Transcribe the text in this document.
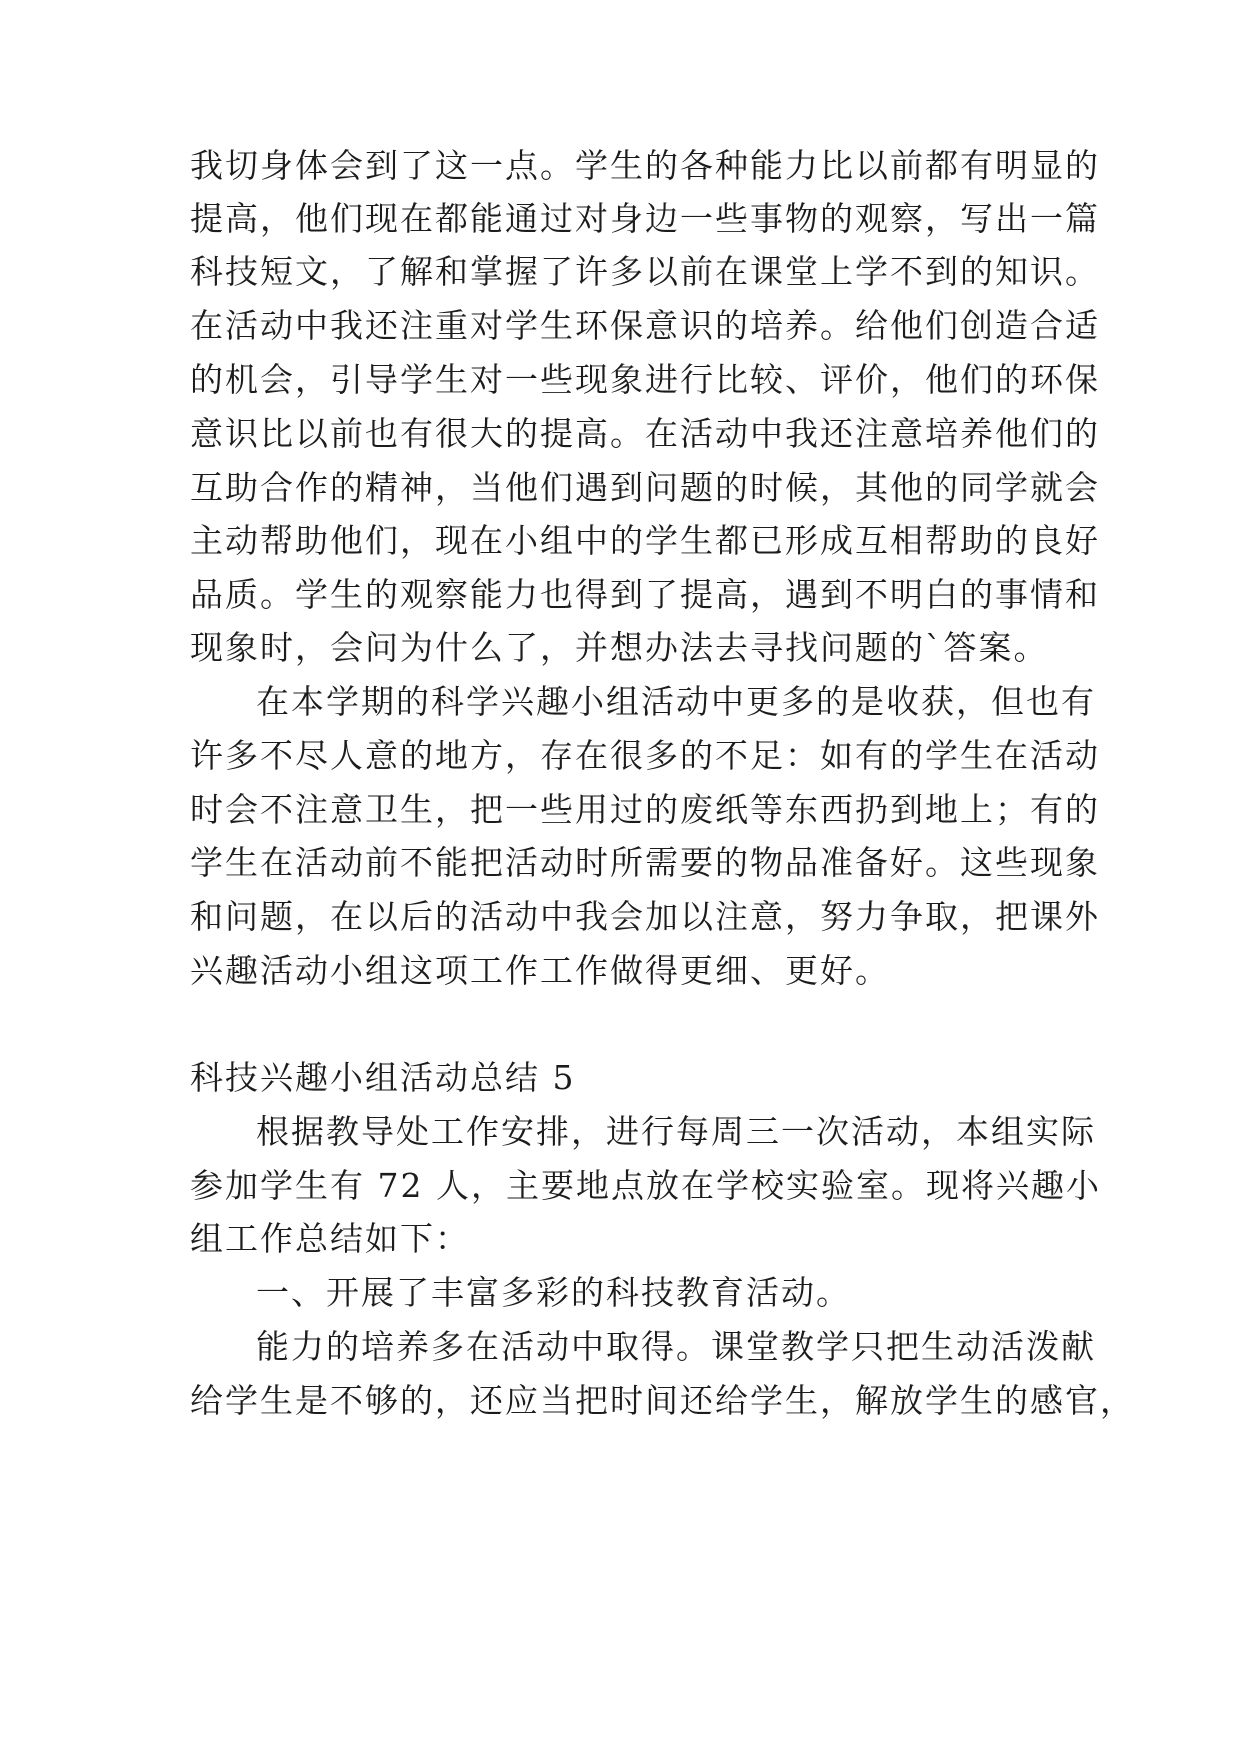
我切身体会到了这一点。学生的各种能力比以前都有明显的
提高，他们现在都能通过对身边一些事物的观察，写出一篇
科技短文，了解和掌握了许多以前在课堂上学不到的知识。
在活动中我还注重对学生环保意识的培养。给他们创造合适
的机会，引导学生对一些现象进行比较、评价，他们的环保
意识比以前也有很大的提高。在活动中我还注意培养他们的
互助合作的精神，当他们遇到问题的时候，其他的同学就会
主动帮助他们，现在小组中的学生都已形成互相帮助的良好
品质。学生的观察能力也得到了提高，遇到不明白的事情和
现象时，会问为什么了，并想办法去寻找问题的`答案。
在本学期的科学兴趣小组活动中更多的是收获，但也有
许多不尽人意的地方，存在很多的不足：如有的学生在活动
时会不注意卫生，把一些用过的废纸等东西扔到地上；有的
学生在活动前不能把活动时所需要的物品准备好。这些现象
和问题，在以后的活动中我会加以注意，努力争取，把课外
兴趣活动小组这项工作工作做得更细、更好。
科技兴趣小组活动总结 5
根据教导处工作安排，进行每周三一次活动，本组实际
参加学生有 72 人，主要地点放在学校实验室。现将兴趣小
组工作总结如下：
一、开展了丰富多彩的科技教育活动。
能力的培养多在活动中取得。课堂教学只把生动活泼献
给学生是不够的，还应当把时间还给学生，解放学生的感官，
